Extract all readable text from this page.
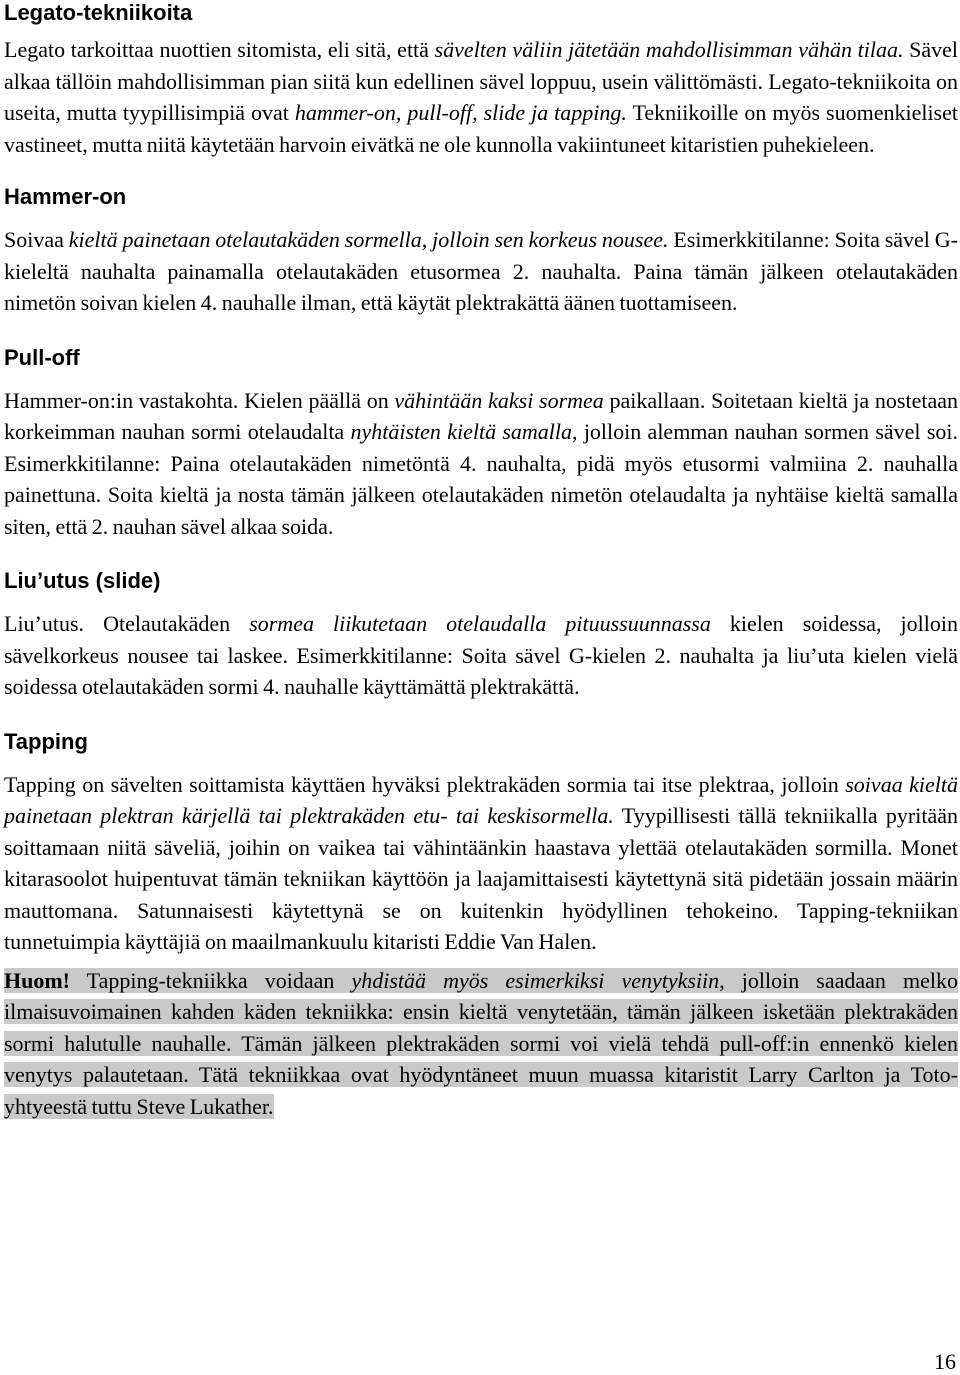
Legato-tekniikoita

Legato tarkoittaa nuottien sitomista, eli sitä, että sävelten väliin jätetään mahdollisimman vähän tilaa. Sävel alkaa tällöin mahdollisimman pian siitä kun edellinen sävel loppuu, usein välittömästi. Legato-tekniikoita on useita, mutta tyypillisimpiä ovat hammer-on, pull-off, slide ja tapping. Tekniikoille on myös suomenkieliset vastineet, mutta niitä käytetään harvoin eivätkä ne ole kunnolla vakiintuneet kitaristien puhekieleen.

Hammer-on

Soivaa kieltä painetaan otelautakäden sormella, jolloin sen korkeus nousee. Esimerkkitilanne: Soita sävel G-kieleltä nauhalta painamalla otelautakäden etusormea 2. nauhalta. Paina tämän jälkeen otelautakäden nimetön soivan kielen 4. nauhalle ilman, että käytät plektrakättä äänen tuottamiseen.

Pull-off

Hammer-on:in vastakohta. Kielen päällä on vähintään kaksi sormea paikallaan. Soitetaan kieltä ja nostetaan korkeimman nauhan sormi otelaudalta nyhtäisten kieltä samalla, jolloin alemman nauhan sormen sävel soi. Esimerkkitilanne: Paina otelautakäden nimetöntä 4. nauhalta, pidä myös etusormi valmiina 2. nauhalla painettuna. Soita kieltä ja nosta tämän jälkeen otelautakäden nimetön otelaudalta ja nyhtäise kieltä samalla siten, että 2. nauhan sävel alkaa soida.

Liu’utus (slide)

Liu’utus. Otelautakäden sormea liikutetaan otelaudalla pituussuunnassa kielen soidessa, jolloin sävelkorkeus nousee tai laskee. Esimerkkitilanne: Soita sävel G-kielen 2. nauhalta ja liu’uta kielen vielä soidessa otelautakäden sormi 4. nauhalle käyttämättä plektrakättä.

Tapping

Tapping on sävelten soittamista käyttäen hyväksi plektrakäden sormia tai itse plektraa, jolloin soivaa kieltä painetaan plektran kärjellä tai plektrakäden etu- tai keskisormella. Tyypillisesti tällä tekniikalla pyritään soittamaan niitä säveliä, joihin on vaikea tai vähintäänkin haastava ylettää otelautakäden sormilla. Monet kitarasoolot huipentuvat tämän tekniikan käyttöön ja laajamittaisesti käytettynä sitä pidetään jossain määrin mauttomana. Satunnaisesti käytettynä se on kuitenkin hyödyllinen tehokeino. Tapping-tekniikan tunnetuimpia käyttäjiä on maailmankuulu kitaristi Eddie Van Halen.

Huom! Tapping-tekniikka voidaan yhdistää myös esimerkiksi venytyksiin, jolloin saadaan melko ilmaisuvoimainen kahden käden tekniikka: ensin kieltä venytetään, tämän jälkeen isketään plektrakäden sormi halutulle nauhalle. Tämän jälkeen plektrakäden sormi voi vielä tehdä pull-off:in ennenkö kielen venytys palautetaan. Tätä tekniikkaa ovat hyödyntäneet muun muassa kitaristit Larry Carlton ja Toto-yhtyeestä tuttu Steve Lukather.

16
